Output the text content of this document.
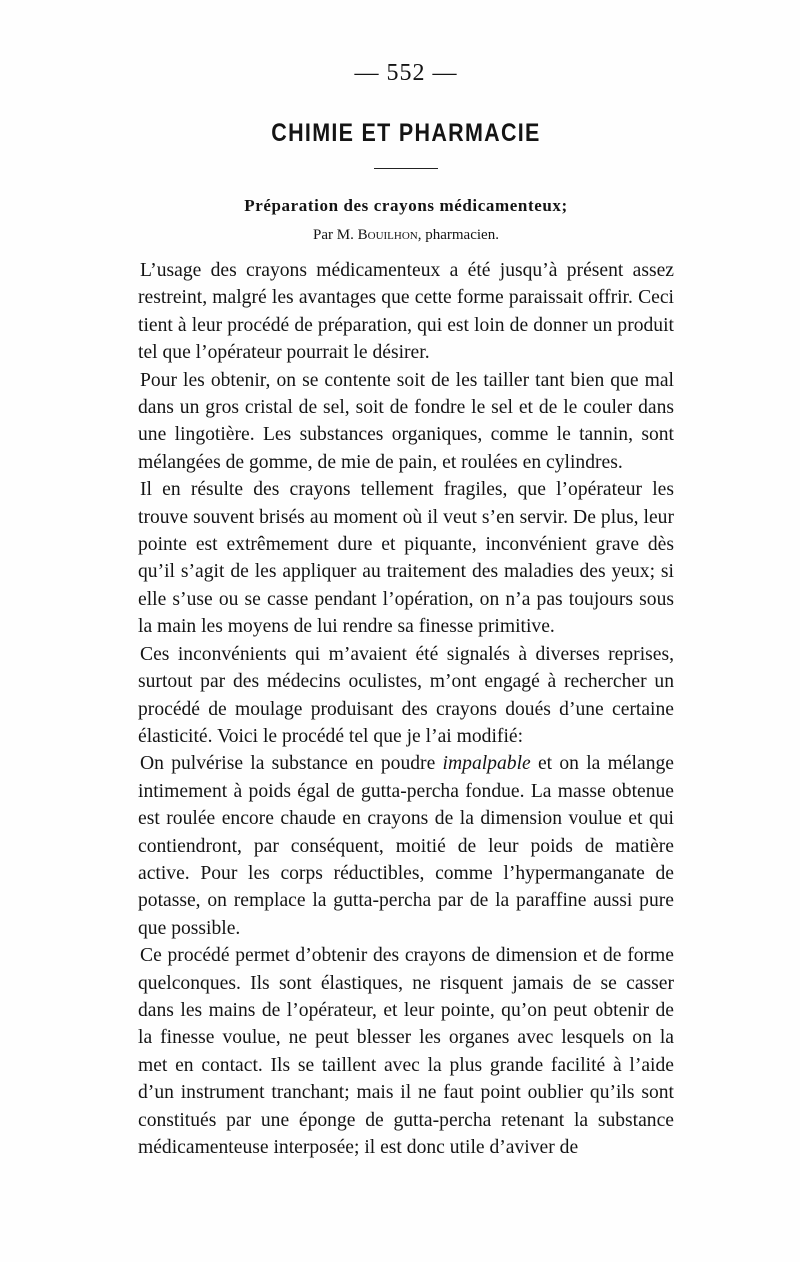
— 552 —
CHIMIE ET PHARMACIE
Préparation des crayons médicamenteux;
Par M. Bouilhon, pharmacien.

L’usage des crayons médicamenteux a été jusqu’à présent assez restreint, malgré les avantages que cette forme paraissait offrir. Ceci tient à leur procédé de préparation, qui est loin de donner un produit tel que l’opérateur pourrait le désirer.

Pour les obtenir, on se contente soit de les tailler tant bien que mal dans un gros cristal de sel, soit de fondre le sel et de le couler dans une lingotière. Les substances organiques, comme le tannin, sont mélangées de gomme, de mie de pain, et roulées en cylindres.

Il en résulte des crayons tellement fragiles, que l’opérateur les trouve souvent brisés au moment où il veut s’en servir. De plus, leur pointe est extrêmement dure et piquante, inconvénient grave dès qu’il s’agit de les appliquer au traitement des maladies des yeux; si elle s’use ou se casse pendant l’opération, on n’a pas toujours sous la main les moyens de lui rendre sa finesse primitive.

Ces inconvénients qui m’avaient été signalés à diverses reprises, surtout par des médecins oculistes, m’ont engagé à rechercher un procédé de moulage produisant des crayons doués d’une certaine élasticité. Voici le procédé tel que je l’ai modifié:

On pulvérise la substance en poudre impalpable et on la mélange intimement à poids égal de gutta-percha fondue. La masse obtenue est roulée encore chaude en crayons de la dimension voulue et qui contiendront, par conséquent, moitié de leur poids de matière active. Pour les corps réductibles, comme l’hypermanganate de potasse, on remplace la gutta-percha par de la paraffine aussi pure que possible.

Ce procédé permet d’obtenir des crayons de dimension et de forme quelconques. Ils sont élastiques, ne risquent jamais de se casser dans les mains de l’opérateur, et leur pointe, qu’on peut obtenir de la finesse voulue, ne peut blesser les organes avec lesquels on la met en contact. Ils se taillent avec la plus grande facilité à l’aide d’un instrument tranchant; mais il ne faut point oublier qu’ils sont constitués par une éponge de gutta-percha retenant la substance médicamenteuse interposée; il est donc utile d’aviver de
